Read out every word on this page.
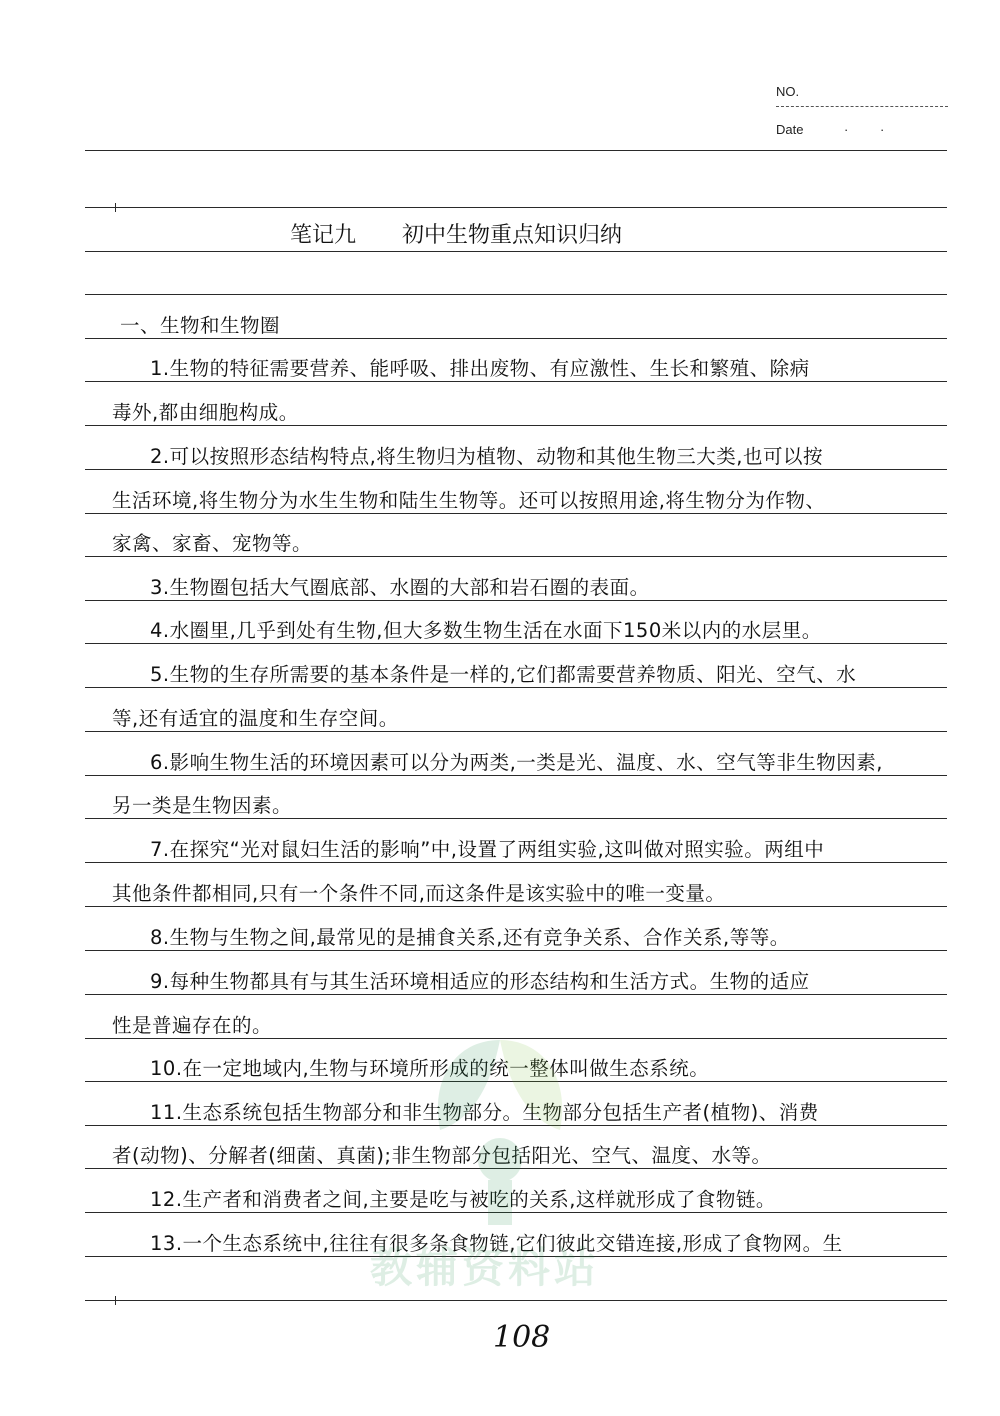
NO.
Date	· ·
笔记九 初中生物重点知识归纳
一、生物和生物圈
1.生物的特征需要营养、能呼吸、排出废物、有应激性、生长和繁殖、除病
毒外,都由细胞构成。
2.可以按照形态结构特点,将生物归为植物、动物和其他生物三大类,也可以按
生活环境,将生物分为水生生物和陆生生物等。还可以按照用途,将生物分为作物、
家禽、家畜、宠物等。
3.生物圈包括大气圈底部、水圈的大部和岩石圈的表面。
4.水圈里,几乎到处有生物,但大多数生物生活在水面下150米以内的水层里。
5.生物的生存所需要的基本条件是一样的,它们都需要营养物质、阳光、空气、水
等,还有适宜的温度和生存空间。
6.影响生物生活的环境因素可以分为两类,一类是光、温度、水、空气等非生物因素,
另一类是生物因素。
7.在探究“光对鼠妇生活的影响”中,设置了两组实验,这叫做对照实验。两组中
其他条件都相同,只有一个条件不同,而这条件是该实验中的唯一变量。
8.生物与生物之间,最常见的是捕食关系,还有竞争关系、合作关系,等等。
9.每种生物都具有与其生活环境相适应的形态结构和生活方式。生物的适应
性是普遍存在的。
10.在一定地域内,生物与环境所形成的统一整体叫做生态系统。
11.生态系统包括生物部分和非生物部分。生物部分包括生产者(植物)、消费
者(动物)、分解者(细菌、真菌);非生物部分包括阳光、空气、温度、水等。
12.生产者和消费者之间,主要是吃与被吃的关系,这样就形成了食物链。
13.一个生态系统中,往往有很多条食物链,它们彼此交错连接,形成了食物网。生
教辅资料站
108
